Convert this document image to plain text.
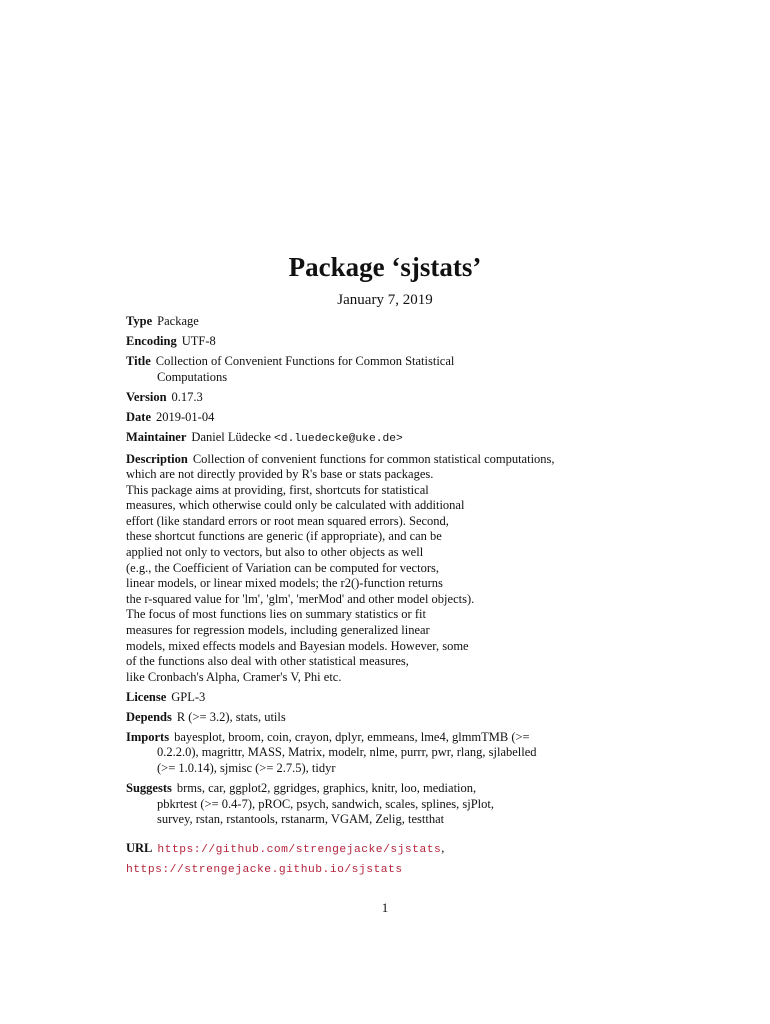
Package ‘sjstats’
January 7, 2019
Type Package
Encoding UTF-8
Title Collection of Convenient Functions for Common Statistical Computations
Version 0.17.3
Date 2019-01-04
Maintainer Daniel Lüdecke <d.luedecke@uke.de>
Description Collection of convenient functions for common statistical computations,
which are not directly provided by R's base or stats packages.
This package aims at providing, first, shortcuts for statistical
measures, which otherwise could only be calculated with additional
effort (like standard errors or root mean squared errors). Second,
these shortcut functions are generic (if appropriate), and can be
applied not only to vectors, but also to other objects as well
(e.g., the Coefficient of Variation can be computed for vectors,
linear models, or linear mixed models; the r2()-function returns
the r-squared value for 'lm', 'glm', 'merMod' and other model objects).
The focus of most functions lies on summary statistics or fit
measures for regression models, including generalized linear
models, mixed effects models and Bayesian models. However, some
of the functions also deal with other statistical measures,
like Cronbach's Alpha, Cramer's V, Phi etc.
License GPL-3
Depends R (>= 3.2), stats, utils
Imports bayesplot, broom, coin, crayon, dplyr, emmeans, lme4, glmmTMB (>= 0.2.2.0), magrittr, MASS, Matrix, modelr, nlme, purrr, pwr, rlang, sjlabelled (>= 1.0.14), sjmisc (>= 2.7.5), tidyr
Suggests brms, car, ggplot2, ggridges, graphics, knitr, loo, mediation, pbkrtest (>= 0.4-7), pROC, psych, sandwich, scales, splines, sjPlot, survey, rstan, rstantools, rstanarm, VGAM, Zelig, testthat
URL https://github.com/strengejacke/sjstats,
https://strengejacke.github.io/sjstats
1
